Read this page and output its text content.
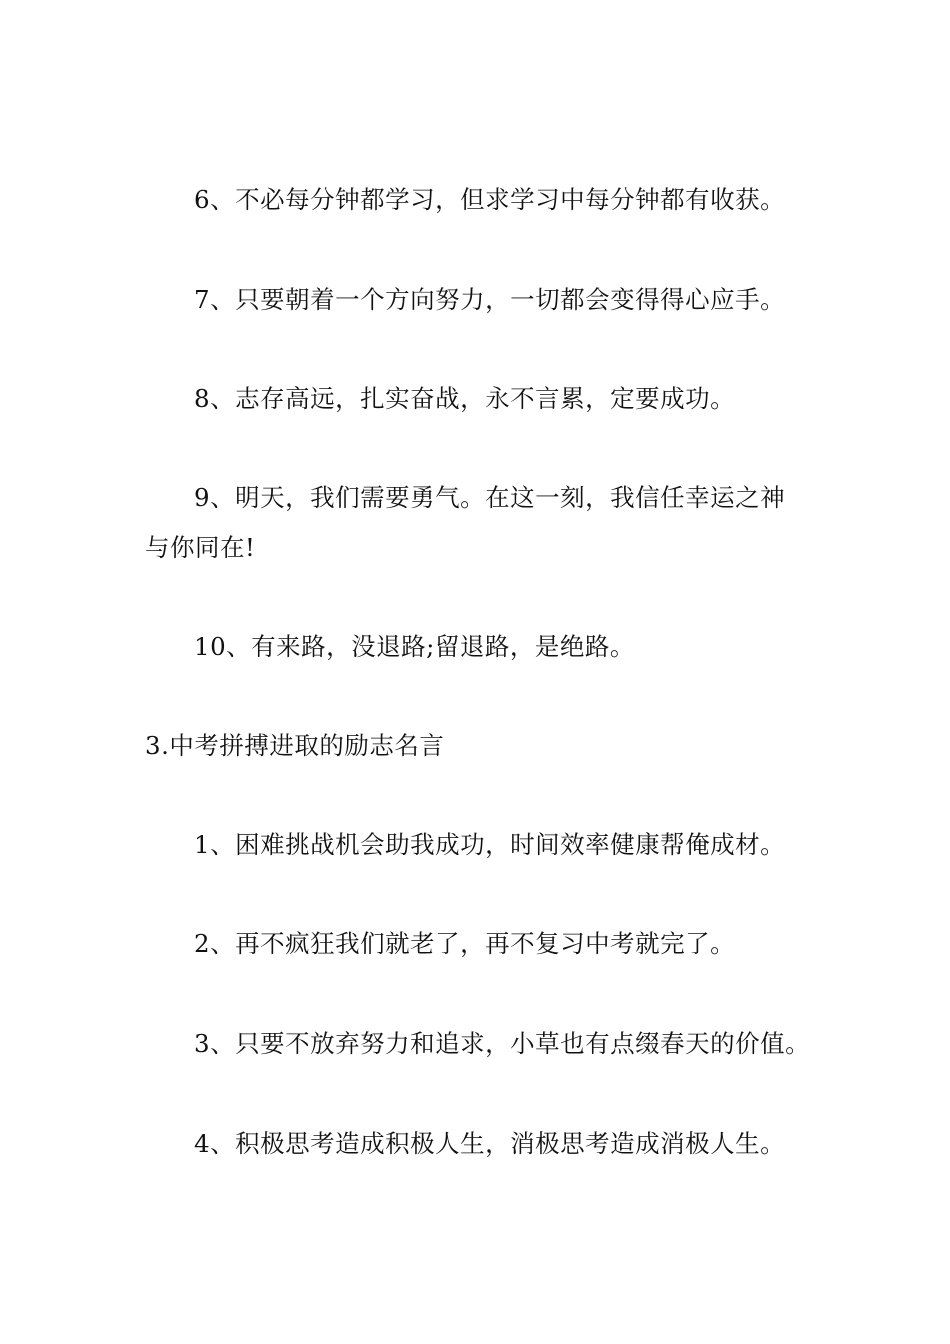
6、不必每分钟都学习，但求学习中每分钟都有收获。

7、只要朝着一个方向努力，一切都会变得得心应手。

8、志存高远，扎实奋战，永不言累，定要成功。

9、明天，我们需要勇气。在这一刻，我信任幸运之神

与你同在!

10、有来路，没退路;留退路，是绝路。

3.中考拼搏进取的励志名言

1、困难挑战机会助我成功，时间效率健康帮俺成材。

2、再不疯狂我们就老了，再不复习中考就完了。

3、只要不放弃努力和追求，小草也有点缀春天的价值。

4、积极思考造成积极人生，消极思考造成消极人生。
